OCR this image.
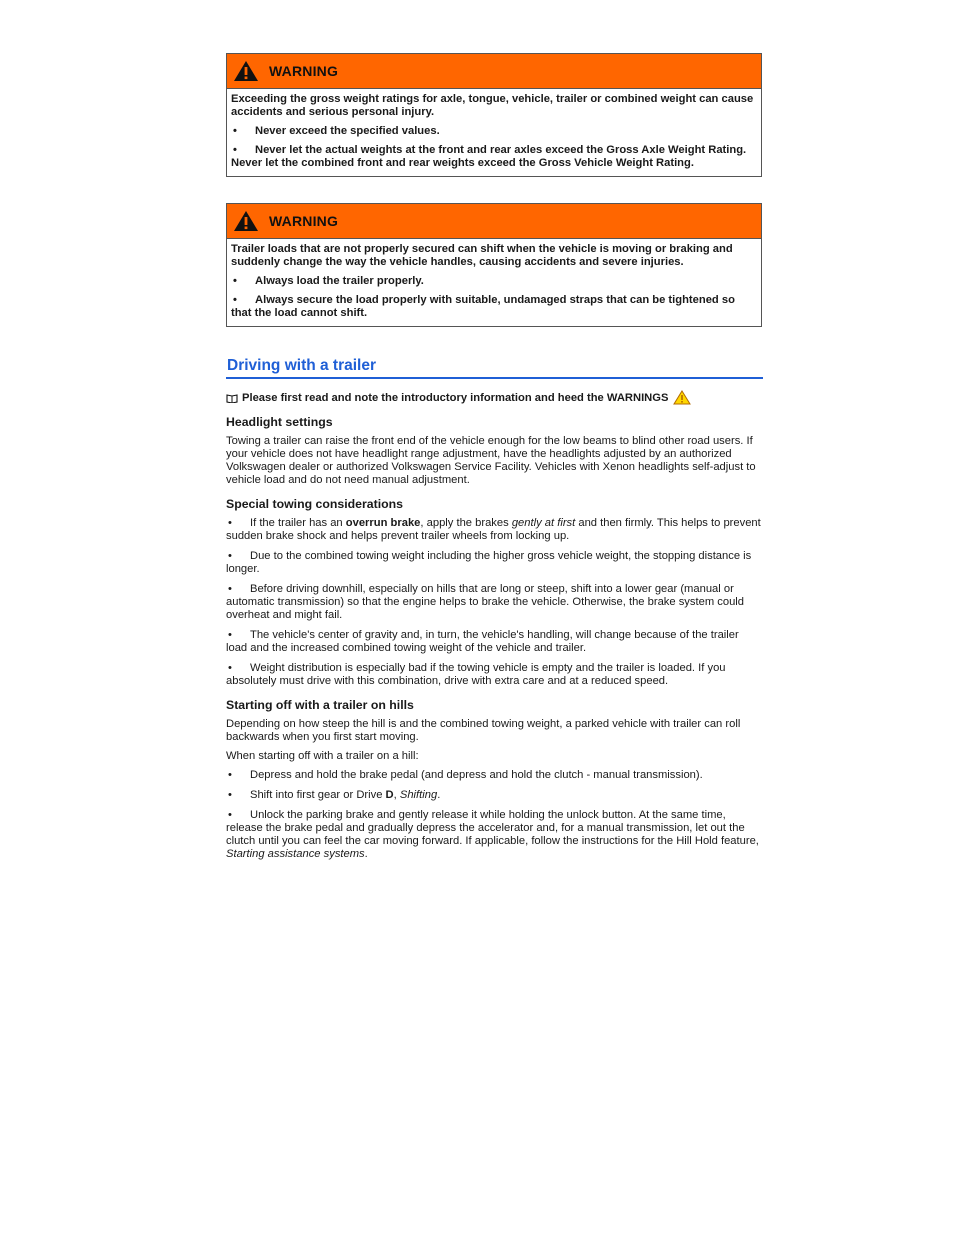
WARNING

Exceeding the gross weight ratings for axle, tongue, vehicle, trailer or combined weight can cause accidents and serious personal injury.

• Never exceed the specified values.
• Never let the actual weights at the front and rear axles exceed the Gross Axle Weight Rating. Never let the combined front and rear weights exceed the Gross Vehicle Weight Rating.
WARNING

Trailer loads that are not properly secured can shift when the vehicle is moving or braking and suddenly change the way the vehicle handles, causing accidents and severe injuries.

• Always load the trailer properly.
• Always secure the load properly with suitable, undamaged straps that can be tightened so that the load cannot shift.
Driving with a trailer
Please first read and note the introductory information and heed the WARNINGS
Headlight settings

Towing a trailer can raise the front end of the vehicle enough for the low beams to blind other road users. If your vehicle does not have headlight range adjustment, have the headlights adjusted by an authorized Volkswagen dealer or authorized Volkswagen Service Facility. Vehicles with Xenon headlights self-adjust to vehicle load and do not need manual adjustment.

Special towing considerations
• If the trailer has an overrun brake, apply the brakes gently at first and then firmly. This helps to prevent sudden brake shock and helps prevent trailer wheels from locking up.
• Due to the combined towing weight including the higher gross vehicle weight, the stopping distance is longer.
• Before driving downhill, especially on hills that are long or steep, shift into a lower gear (manual or automatic transmission) so that the engine helps to brake the vehicle. Otherwise, the brake system could overheat and might fail.
• The vehicle's center of gravity and, in turn, the vehicle's handling, will change because of the trailer load and the increased combined towing weight of the vehicle and trailer.
• Weight distribution is especially bad if the towing vehicle is empty and the trailer is loaded. If you absolutely must drive with this combination, drive with extra care and at a reduced speed.
Starting off with a trailer on hills

Depending on how steep the hill is and the combined towing weight, a parked vehicle with trailer can roll backwards when you first start moving.

When starting off with a trailer on a hill:

• Depress and hold the brake pedal (and depress and hold the clutch - manual transmission).
• Shift into first gear or Drive D, Shifting.
• Unlock the parking brake and gently release it while holding the unlock button. At the same time, release the brake pedal and gradually depress the accelerator and, for a manual transmission, let out the clutch until you can feel the car moving forward. If applicable, follow the instructions for the Hill Hold feature, Starting assistance systems.
